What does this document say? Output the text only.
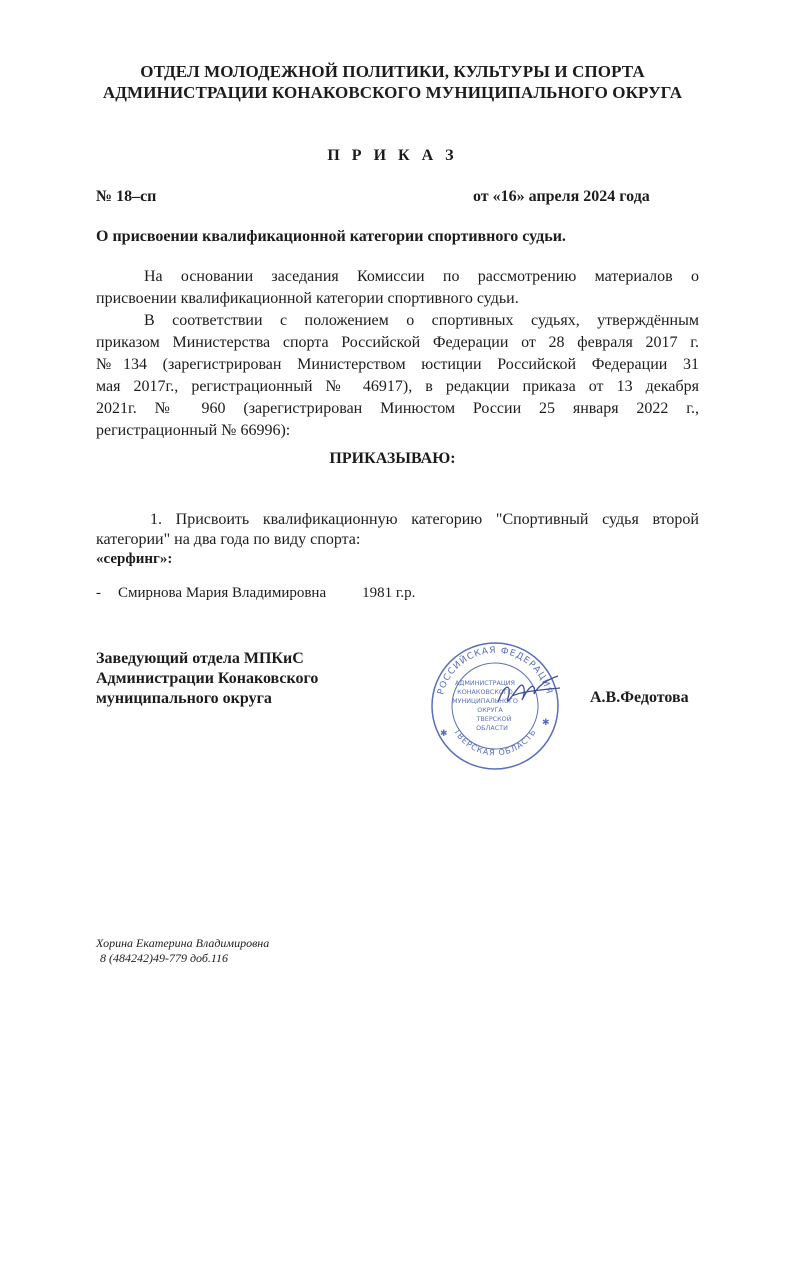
ОТДЕЛ МОЛОДЕЖНОЙ ПОЛИТИКИ, КУЛЬТУРЫ И СПОРТА
АДМИНИСТРАЦИИ КОНАКОВСКОГО МУНИЦИПАЛЬНОГО ОКРУГА
П Р И К А З
№ 18–сп	от «16» апреля 2024 года
О присвоении квалификационной категории спортивного судьи.
На основании заседания Комиссии по рассмотрению материалов о
присвоении квалификационной категории спортивного судьи.
В соответствии с положением о спортивных судьях, утверждённым
приказом Министерства спорта Российской Федерации от 28 февраля 2017 г.
№134 (зарегистрирован Министерством юстиции Российской Федерации 31
мая 2017г., регистрационный № 46917), в редакции приказа от 13 декабря
2021г. № 960 (зарегистрирован Минюстом России 25 января 2022 г.,
регистрационный № 66996):
ПРИКАЗЫВАЮ:
1. Присвоить квалификационную категорию "Спортивный судья второй
категории" на два года по виду спорта:
«серфинг»:
- Смирнова Мария Владимировна 1981 г.р.
Заведующий отдела МПКиС
Администрации Конаковского
муниципального округа	РОССИЙСКАЯ ФЕДЕРАЦИЯ
ТВЕРСКАЯ ОБЛАСТЬ
АДМИНИСТРАЦИЯ
КОНАКОВСКОГО
МУНИЦИПАЛЬНОГО
ОКРУГА
ТВЕРСКОЙ
ОБЛАСТИ
✱
✱
А.В.Федотова
Хорина Екатерина Владимировна
8 (484242)49-779 доб.116
